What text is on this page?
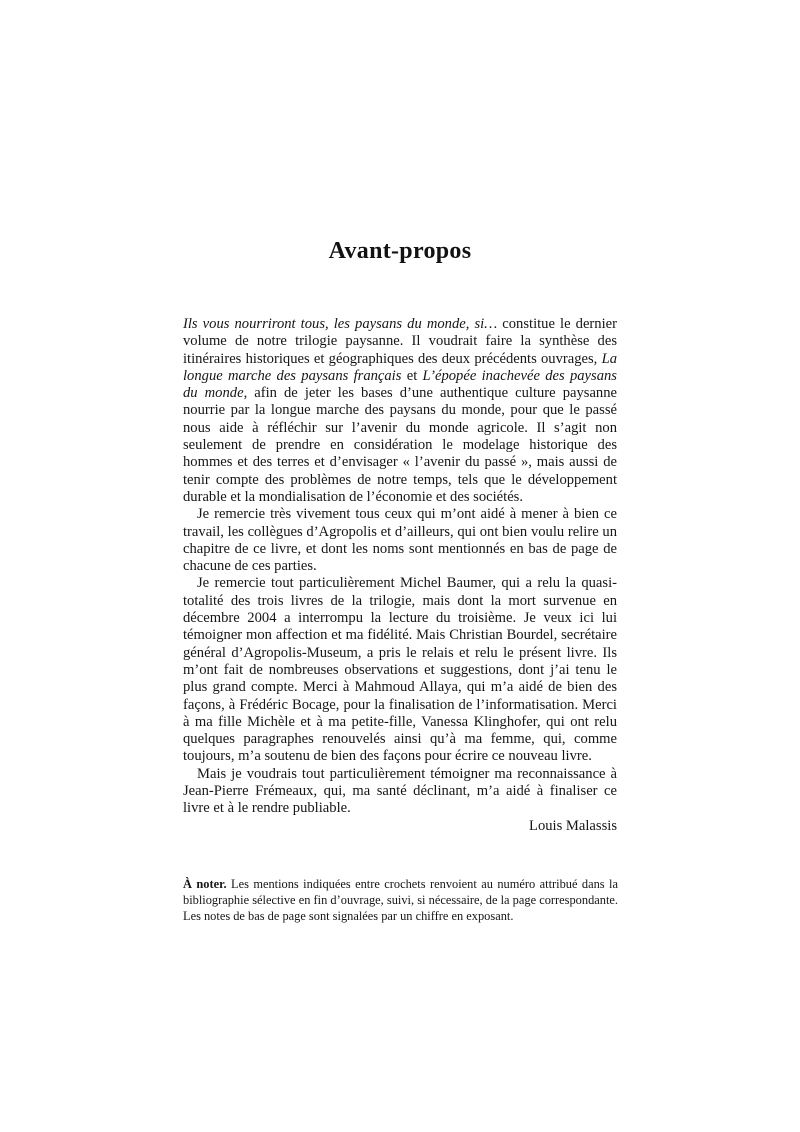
Avant-propos

Ils vous nourriront tous, les paysans du monde, si… constitue le dernier volume de notre trilogie paysanne. Il voudrait faire la synthèse des itinéraires historiques et géographiques des deux précédents ouvrages, La longue marche des paysans français et L’épopée inachevée des paysans du monde, afin de jeter les bases d’une authentique culture paysanne nourrie par la longue marche des paysans du monde, pour que le passé nous aide à réfléchir sur l’avenir du monde agricole. Il s’agit non seulement de prendre en considération le modelage historique des hommes et des terres et d’envisager « l’avenir du passé », mais aussi de tenir compte des problèmes de notre temps, tels que le développement durable et la mondialisation de l’économie et des sociétés.

Je remercie très vivement tous ceux qui m’ont aidé à mener à bien ce travail, les collègues d’Agropolis et d’ailleurs, qui ont bien voulu relire un chapitre de ce livre, et dont les noms sont mentionnés en bas de page de chacune de ces parties.

Je remercie tout particulièrement Michel Baumer, qui a relu la quasi-totalité des trois livres de la trilogie, mais dont la mort survenue en décembre 2004 a interrompu la lecture du troisième. Je veux ici lui témoigner mon affection et ma fidélité. Mais Christian Bourdel, secrétaire général d’Agropolis-Museum, a pris le relais et relu le présent livre. Ils m’ont fait de nombreuses observations et suggestions, dont j’ai tenu le plus grand compte. Merci à Mahmoud Allaya, qui m’a aidé de bien des façons, à Frédéric Bocage, pour la finalisation de l’informatisation. Merci à ma fille Michèle et à ma petite-fille, Vanessa Klinghofer, qui ont relu quelques paragraphes renouvelés ainsi qu’à ma femme, qui, comme toujours, m’a soutenu de bien des façons pour écrire ce nouveau livre.

Mais je voudrais tout particulièrement témoigner ma reconnaissance à Jean-Pierre Frémeaux, qui, ma santé déclinant, m’a aidé à finaliser ce livre et à le rendre publiable.

Louis Malassis

À noter. Les mentions indiquées entre crochets renvoient au numéro attribué dans la bibliographie sélective en fin d’ouvrage, suivi, si nécessaire, de la page correspondante. Les notes de bas de page sont signalées par un chiffre en exposant.
